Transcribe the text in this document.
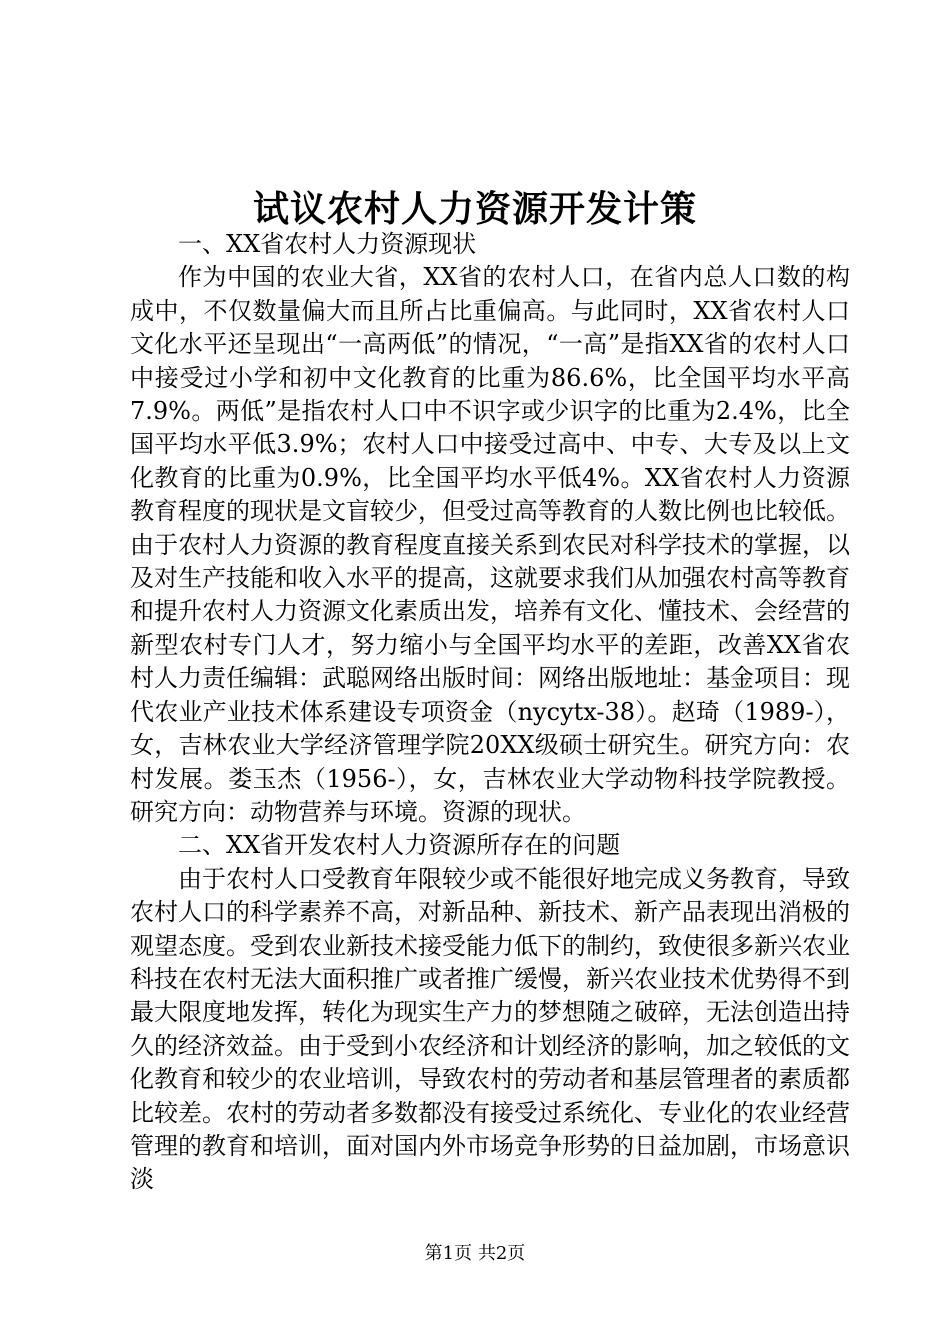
试议农村人力资源开发计策

一、XX省农村人力资源现状

作为中国的农业大省，XX省的农村人口，在省内总人口数的构成中，不仅数量偏大而且所占比重偏高。与此同时，XX省农村人口文化水平还呈现出“一高两低”的情况，“一高”是指XX省的农村人口中接受过小学和初中文化教育的比重为86.6%，比全国平均水平高7.9%。两低”是指农村人口中不识字或少识字的比重为2.4%，比全国平均水平低3.9%；农村人口中接受过高中、中专、大专及以上文化教育的比重为0.9%，比全国平均水平低4%。XX省农村人力资源教育程度的现状是文盲较少，但受过高等教育的人数比例也比较低。由于农村人力资源的教育程度直接关系到农民对科学技术的掌握，以及对生产技能和收入水平的提高，这就要求我们从加强农村高等教育和提升农村人力资源文化素质出发，培养有文化、懂技术、会经营的新型农村专门人才，努力缩小与全国平均水平的差距，改善XX省农村人力责任编辑：武聪网络出版时间：网络出版地址：基金项目：现代农业产业技术体系建设专项资金（nycytx-38）。赵琦（1989-），女，吉林农业大学经济管理学院20XX级硕士研究生。研究方向：农村发展。娄玉杰（1956-），女，吉林农业大学动物科技学院教授。研究方向：动物营养与环境。资源的现状。

二、XX省开发农村人力资源所存在的问题

由于农村人口受教育年限较少或不能很好地完成义务教育，导致农村人口的科学素养不高，对新品种、新技术、新产品表现出消极的观望态度。受到农业新技术接受能力低下的制约，致使很多新兴农业科技在农村无法大面积推广或者推广缓慢，新兴农业技术优势得不到最大限度地发挥，转化为现实生产力的梦想随之破碎，无法创造出持久的经济效益。由于受到小农经济和计划经济的影响，加之较低的文化教育和较少的农业培训，导致农村的劳动者和基层管理者的素质都比较差。农村的劳动者多数都没有接受过系统化、专业化的农业经营管理的教育和培训，面对国内外市场竞争形势的日益加剧，市场意识淡

第1页 共2页
